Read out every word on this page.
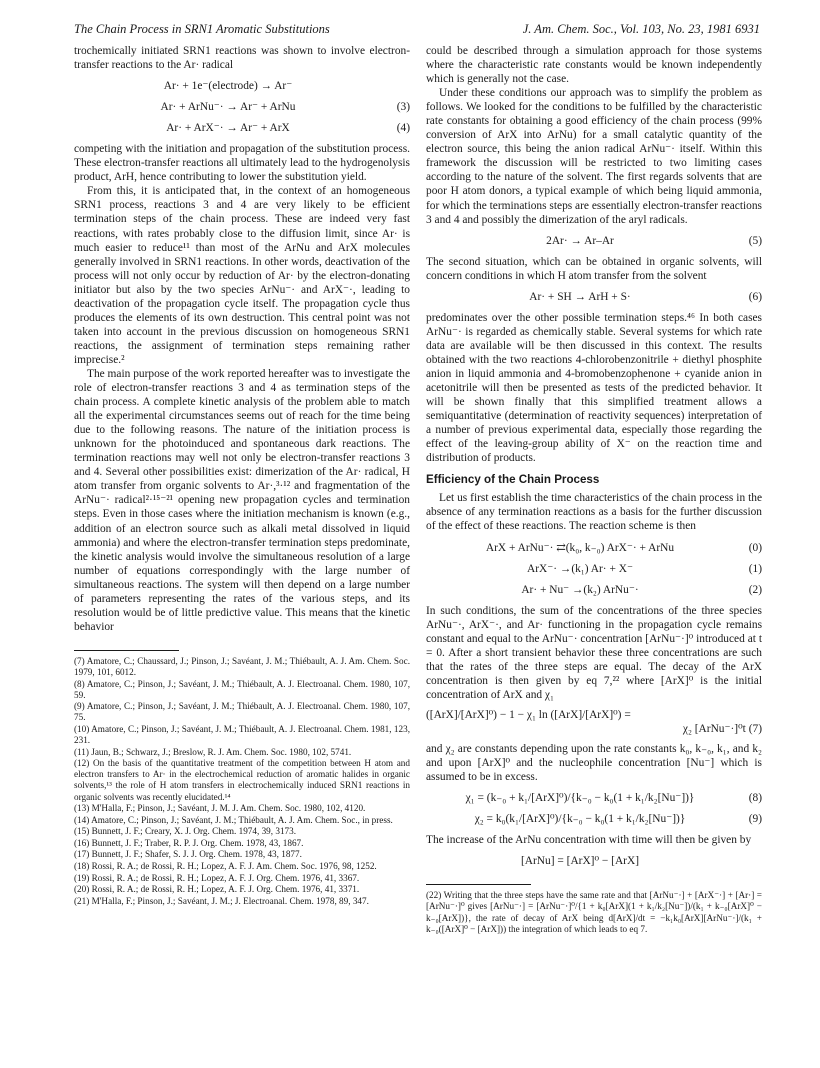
The Chain Process in SRN1 Aromatic Substitutions	J. Am. Chem. Soc., Vol. 103, No. 23, 1981 6931

trochemically initiated SRN1 reactions was shown to involve electron-transfer reactions to the Ar· radical

Ar· + 1e⁻(electrode) → Ar⁻
Ar· + ArNu⁻· → Ar⁻ + ArNu	(3)
Ar· + ArX⁻· → Ar⁻ + ArX	(4)

competing with the initiation and propagation of the substitution process. These electron-transfer reactions all ultimately lead to the hydrogenolysis product, ArH, hence contributing to lower the substitution yield.

From this, it is anticipated that, in the context of an homogeneous SRN1 process, reactions 3 and 4 are very likely to be efficient termination steps of the chain process. These are indeed very fast reactions, with rates probably close to the diffusion limit, since Ar· is much easier to reduce¹¹ than most of the ArNu and ArX molecules generally involved in SRN1 reactions. In other words, deactivation of the process will not only occur by reduction of Ar· by the electron-donating initiator but also by the two species ArNu⁻· and ArX⁻·, leading to deactivation of the propagation cycle itself. The propagation cycle thus produces the elements of its own destruction. This central point was not taken into account in the previous discussion on homogeneous SRN1 reactions, the assignment of termination steps remaining rather imprecise.²

The main purpose of the work reported hereafter was to investigate the role of electron-transfer reactions 3 and 4 as termination steps of the chain process. A complete kinetic analysis of the problem able to match all the experimental circumstances seems out of reach for the time being due to the following reasons. The nature of the initiation process is unknown for the photoinduced and spontaneous dark reactions. The termination reactions may well not only be electron-transfer reactions 3 and 4. Several other possibilities exist: dimerization of the Ar· radical, H atom transfer from organic solvents to Ar·,³·¹² and fragmentation of the ArNu⁻· radical²·¹⁵⁻²¹ opening new propagation cycles and termination steps. Even in those cases where the initiation mechanism is known (e.g., addition of an electron source such as alkali metal dissolved in liquid ammonia) and where the electron-transfer termination steps predominate, the kinetic analysis would involve the simultaneous resolution of a large number of equations correspondingly with the large number of simultaneous reactions. The system will then depend on a large number of parameters representing the rates of the various steps, and its resolution would be of little predictive value. This means that the kinetic behavior

(7) Amatore, C.; Chaussard, J.; Pinson, J.; Savéant, J. M.; Thiébault, A. J. Am. Chem. Soc. 1979, 101, 6012.

(8) Amatore, C.; Pinson, J.; Savéant, J. M.; Thiébault, A. J. Electroanal. Chem. 1980, 107, 59.

(9) Amatore, C.; Pinson, J.; Savéant, J. M.; Thiébault, A. J. Electroanal. Chem. 1980, 107, 75.

(10) Amatore, C.; Pinson, J.; Savéant, J. M.; Thiébault, A. J. Electroanal. Chem. 1981, 123, 231.

(11) Jaun, B.; Schwarz, J.; Breslow, R. J. Am. Chem. Soc. 1980, 102, 5741.

(12) On the basis of the quantitative treatment of the competition between H atom and electron transfers to Ar· in the electrochemical reduction of aromatic halides in organic solvents,¹³ the role of H atom transfers in electrochemically induced SRN1 reactions in organic solvents was recently elucidated.¹⁴

(13) M'Halla, F.; Pinson, J.; Savéant, J. M. J. Am. Chem. Soc. 1980, 102, 4120.

(14) Amatore, C.; Pinson, J.; Savéant, J. M.; Thiébault, A. J. Am. Chem. Soc., in press.

(15) Bunnett, J. F.; Creary, X. J. Org. Chem. 1974, 39, 3173.

(16) Bunnett, J. F.; Traber, R. P. J. Org. Chem. 1978, 43, 1867.

(17) Bunnett, J. F.; Shafer, S. J. J. Org. Chem. 1978, 43, 1877.

(18) Rossi, R. A.; de Rossi, R. H.; Lopez, A. F. J. Am. Chem. Soc. 1976, 98, 1252.

(19) Rossi, R. A.; de Rossi, R. H.; Lopez, A. F. J. Org. Chem. 1976, 41, 3367.

(20) Rossi, R. A.; de Rossi, R. H.; Lopez, A. F. J. Org. Chem. 1976, 41, 3371.

(21) M'Halla, F.; Pinson, J.; Savéant, J. M.; J. Electroanal. Chem. 1978, 89, 347.

could be described through a simulation approach for those systems where the characteristic rate constants would be known independently which is generally not the case.

Under these conditions our approach was to simplify the problem as follows. We looked for the conditions to be fulfilled by the characteristic rate constants for obtaining a good efficiency of the chain process (99% conversion of ArX into ArNu) for a small catalytic quantity of the electron source, this being the anion radical ArNu⁻· itself. Within this framework the discussion will be restricted to two limiting cases according to the nature of the solvent. The first regards solvents that are poor H atom donors, a typical example of which being liquid ammonia, for which the terminations steps are essentially electron-transfer reactions 3 and 4 and possibly the dimerization of the aryl radicals.

2Ar· → Ar–Ar	(5)

The second situation, which can be obtained in organic solvents, will concern conditions in which H atom transfer from the solvent

Ar· + SH → ArH + S·	(6)

predominates over the other possible termination steps.⁴⁶ In both cases ArNu⁻· is regarded as chemically stable. Several systems for which rate data are available will be then discussed in this context. The results obtained with the two reactions 4-chlorobenzonitrile + diethyl phosphite anion in liquid ammonia and 4-bromobenzophenone + cyanide anion in acetonitrile will then be presented as tests of the predicted behavior. It will be shown finally that this simplified treatment allows a semiquantitative (determination of reactivity sequences) interpretation of a number of previous experimental data, especially those regarding the effect of the leaving-group ability of X⁻ on the reaction time and distribution of products.

Efficiency of the Chain Process

Let us first establish the time characteristics of the chain process in the absence of any termination reactions as a basis for the further discussion of the effect of these reactions. The reaction scheme is then

ArX + ArNu⁻· ⇄(k₀, k₋₀) ArX⁻· + ArNu	(0)
ArX⁻· →(k₁) Ar· + X⁻	(1)
Ar· + Nu⁻ →(k₂) ArNu⁻·	(2)

In such conditions, the sum of the concentrations of the three species ArNu⁻·, ArX⁻·, and Ar· functioning in the propagation cycle remains constant and equal to the ArNu⁻· concentration [ArNu⁻·]⁰ introduced at t = 0. After a short transient behavior these three concentrations are such that the rates of the three steps are equal. The decay of the ArX concentration is then given by eq 7,²² where [ArX]⁰ is the initial concentration of ArX and χ₁

([ArX]/[ArX]⁰) − 1 − χ₁ ln ([ArX]/[ArX]⁰) =
χ₂ [ArNu⁻·]⁰t (7)

and χ₂ are constants depending upon the rate constants k₀, k₋₀, k₁, and k₂ and upon [ArX]⁰ and the nucleophile concentration [Nu⁻] which is assumed to be in excess.

χ₁ = (k₋₀ + k₁/[ArX]⁰)/{k₋₀ − k₀(1 + k₁/k₂[Nu⁻])}	(8)
χ₂ = k₀(k₁/[ArX]⁰)/{k₋₀ − k₀(1 + k₁/k₂[Nu⁻])}	(9)

The increase of the ArNu concentration with time will then be given by

[ArNu] = [ArX]⁰ − [ArX]

(22) Writing that the three steps have the same rate and that [ArNu⁻·] + [ArX⁻·] + [Ar·] = [ArNu⁻·]⁰ gives [ArNu⁻·] = [ArNu⁻·]⁰/{1 + k₀[ArX](1 + k₁/k₂[Nu⁻])/(k₁ + k₋₀[ArX]⁰ − k₋₀[ArX])}, the rate of decay of ArX being d[ArX]/dt = −k₁k₀[ArX][ArNu⁻·]/(k₁ + k₋₀([ArX]⁰ − [ArX])) the integration of which leads to eq 7.
